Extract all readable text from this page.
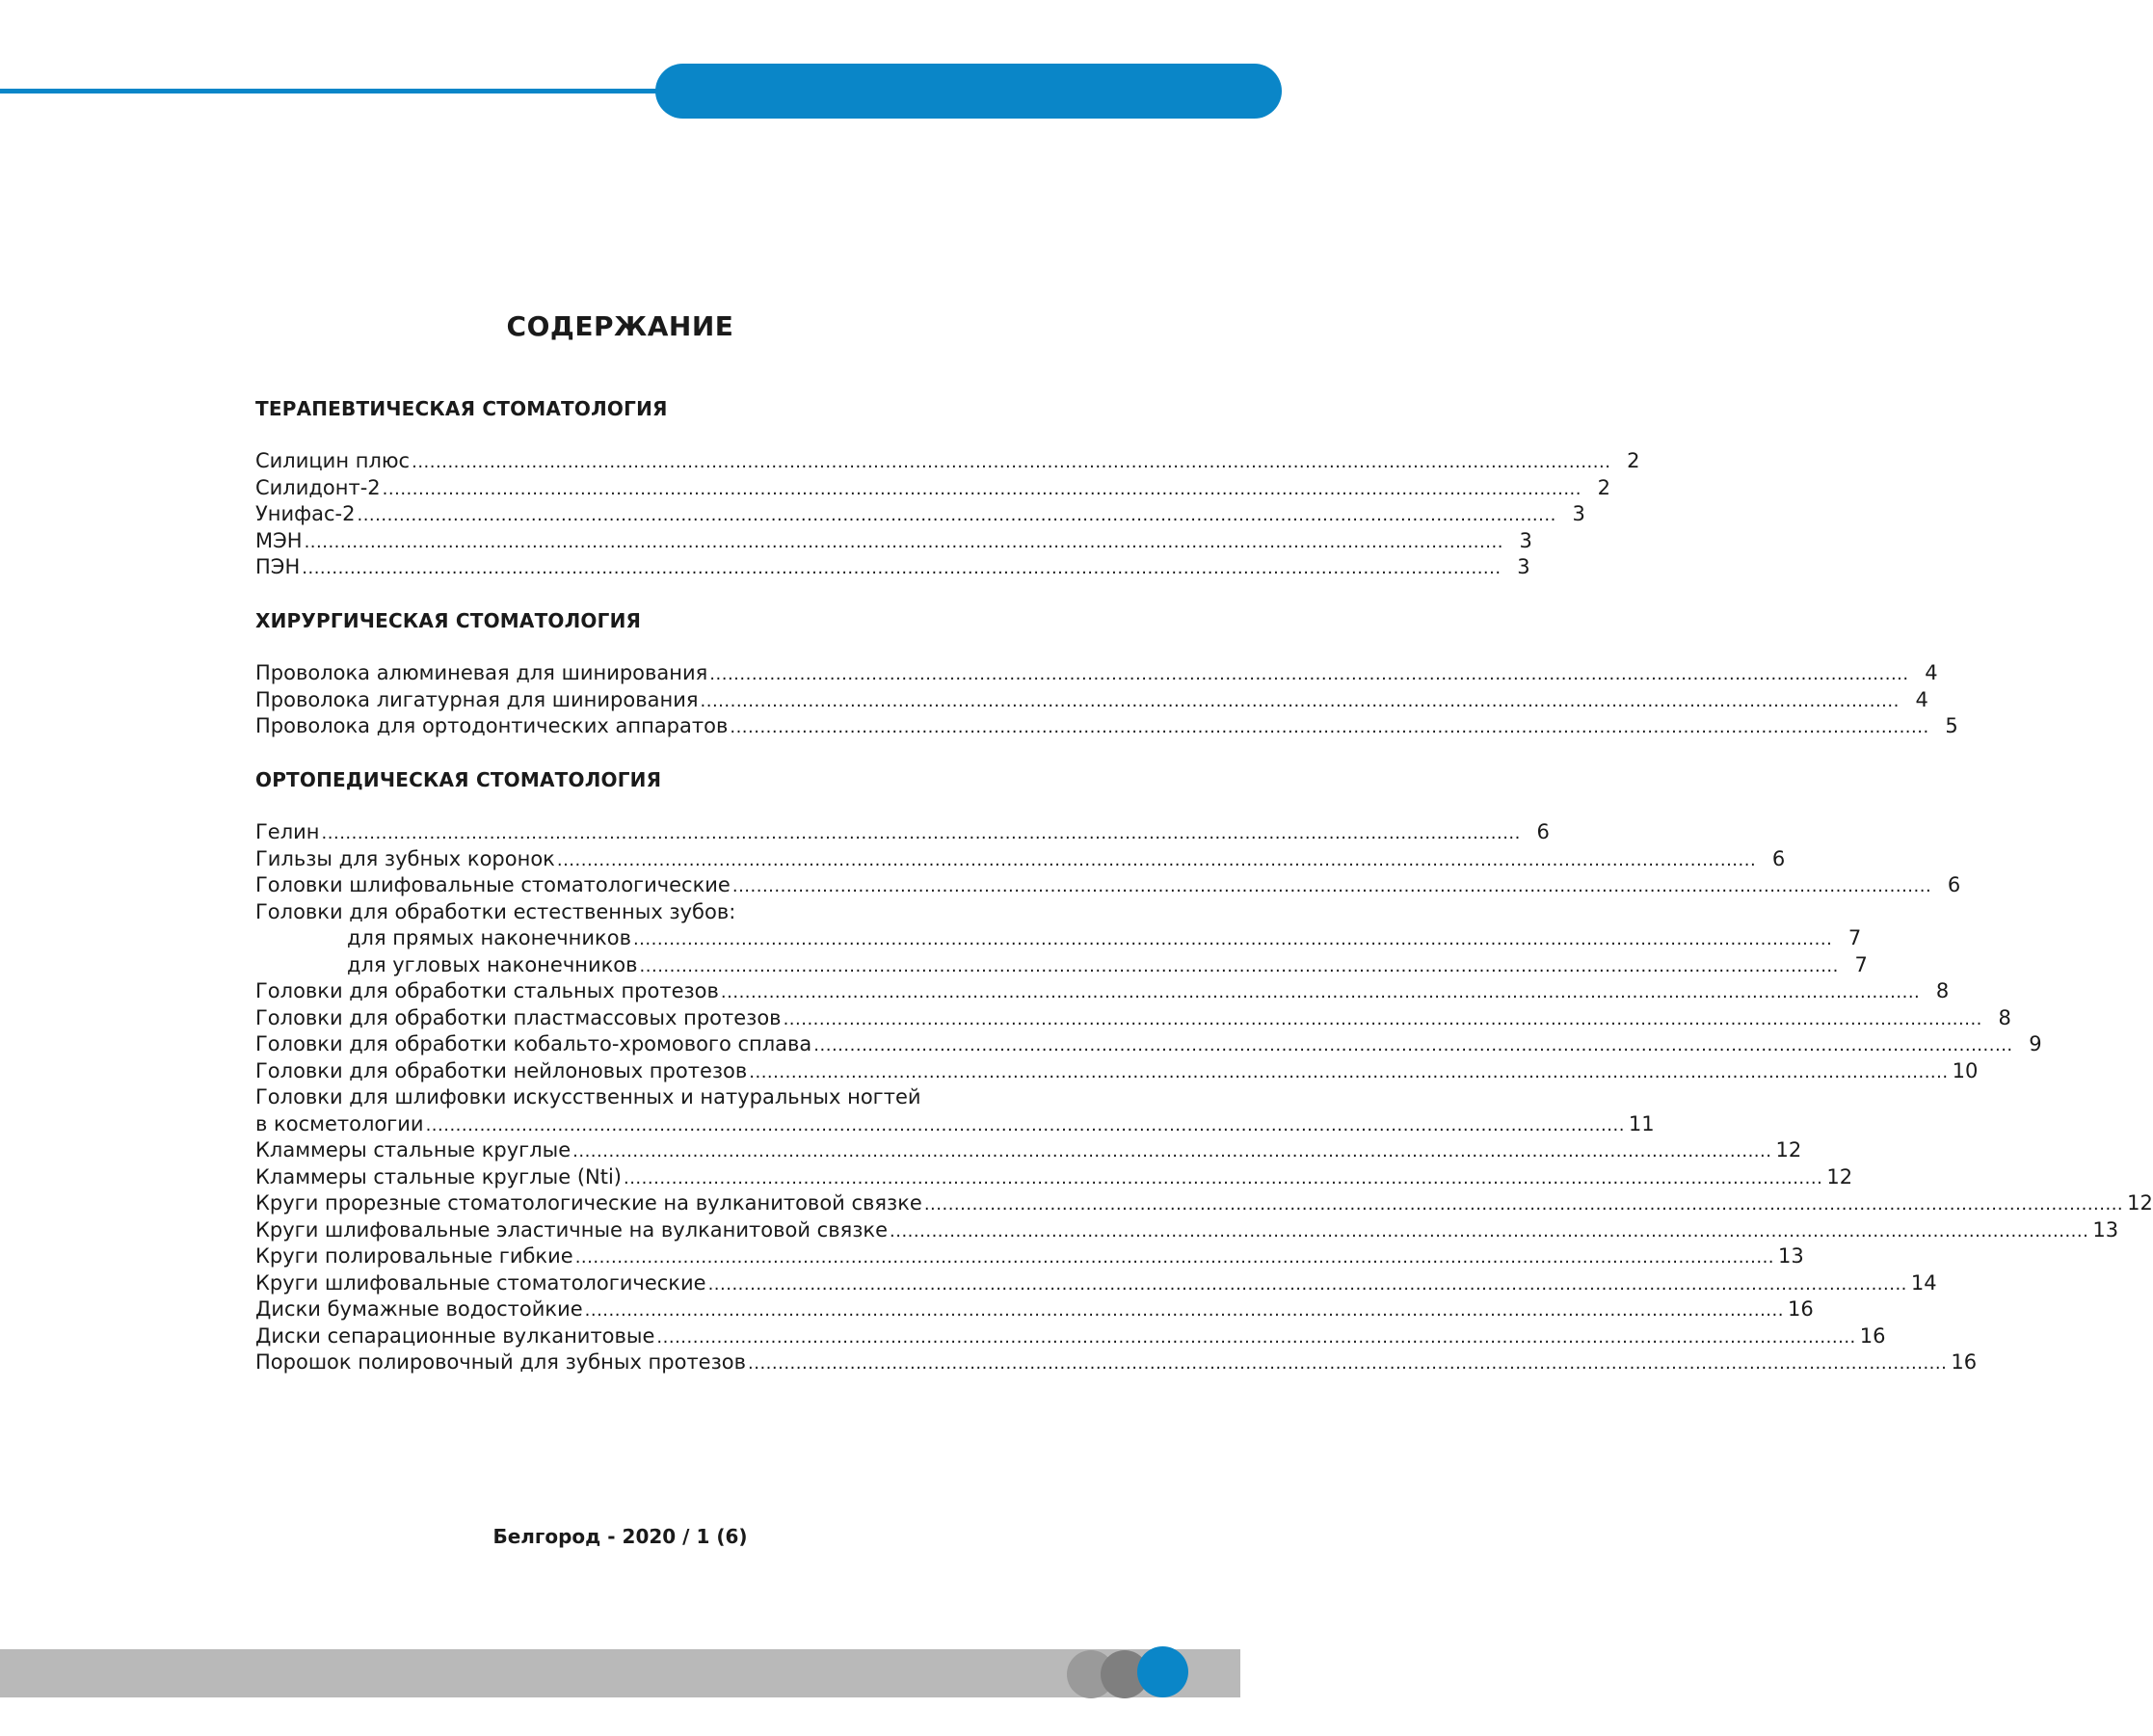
СОДЕРЖАНИЕ
ТЕРАПЕВТИЧЕСКАЯ СТОМАТОЛОГИЯ
Силицин плюс ........................................................................................................................................................................................................ 2
Силидонт-2 ........................................................................................................................................................................................................ 2
Унифас-2 ........................................................................................................................................................................................................ 3
МЭН ........................................................................................................................................................................................................ 3
ПЭН ........................................................................................................................................................................................................ 3
ХИРУРГИЧЕСКАЯ СТОМАТОЛОГИЯ
Проволока алюминевая для шинирования ........................................................................................................................................................................................................ 4
Проволока лигатурная для шинирования ........................................................................................................................................................................................................ 4
Проволока для ортодонтических аппаратов ........................................................................................................................................................................................................ 5
ОРТОПЕДИЧЕСКАЯ СТОМАТОЛОГИЯ
Гелин ........................................................................................................................................................................................................ 6
Гильзы для зубных коронок ........................................................................................................................................................................................................ 6
Головки шлифовальные стоматологические ........................................................................................................................................................................................................ 6
Головки для обработки естественных зубов:
для прямых наконечников ........................................................................................................................................................................................................ 7
для угловых наконечников ........................................................................................................................................................................................................ 7
Головки для обработки стальных протезов ........................................................................................................................................................................................................ 8
Головки для обработки пластмассовых протезов ........................................................................................................................................................................................................ 8
Головки для обработки кобальто-хромового сплава ........................................................................................................................................................................................................ 9
Головки для обработки нейлоновых протезов ........................................................................................................................................................................................................ 10
Головки для шлифовки искусственных и натуральных ногтей
в косметологии ........................................................................................................................................................................................................ 11
Кламмеры стальные круглые ........................................................................................................................................................................................................ 12
Кламмеры стальные круглые (Nti) ........................................................................................................................................................................................................ 12
Круги прорезные стоматологические на вулканитовой связке ........................................................................................................................................................................................................ 12
Круги шлифовальные эластичные на вулканитовой связке ........................................................................................................................................................................................................ 13
Круги полировальные гибкие ........................................................................................................................................................................................................ 13
Круги шлифовальные стоматологические ........................................................................................................................................................................................................ 14
Диски бумажные водостойкие ........................................................................................................................................................................................................ 16
Диски сепарационные вулканитовые ........................................................................................................................................................................................................ 16
Порошок полировочный для зубных протезов ........................................................................................................................................................................................................ 16

Белгород - 2020 / 1 (6)
